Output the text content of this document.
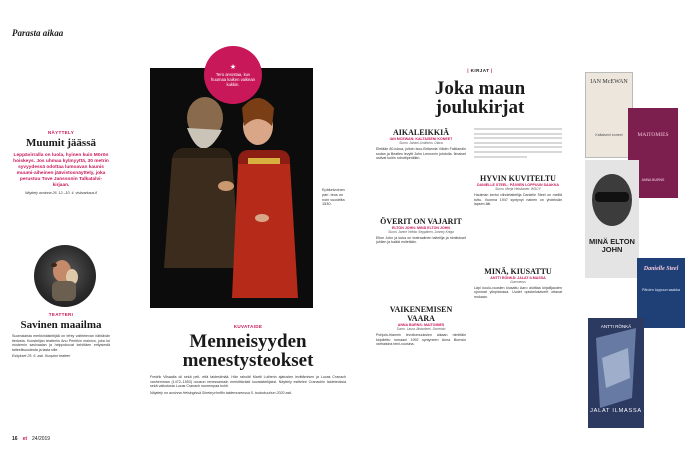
Parasta aikaa
NÄYTTELY
Muumit jäässä
Leppävirralla on luola, hyinen kuin Mörön hoiskeys. Jos uhmaa kylmyyttä, 30 metrin syvyydessä odottaa lumoavan kaunis muumi-aiheinen jäävistosnäyttely, joka perustuu Tove Janssonin Talkatalvi-kirjaan.
Näyttely avoinna 26. 12.–10. 4. visitvarkaus.fi
TEATTERI
Savinen maailma
Suomalaista merkkinäistelijää on tehty vaihtelevan nähtävän tiedosta. Koostelijan teatteriin Anu Pentikin mainion, joka toi modernin savivaalan ja helppokuvat kehittäen erityisestä taiteellisuudesta ja lasta sille.
Esitykset 25. 6. asti. Kuopion teatteri
★
Tero arvostaa, kuv huumaa kaiken vaikean kukkin.
Epäkelvoinen pari -teos on noin vuodelta 1530.
KUVATAIDE
Menneisyyden
menestysteokset
Fredrik Vilsaalla oli sekä peli- että taidesilmää. Hän rahoitti Martti Lutherin ajatusten levittämisen ja Lucas Cranach vanhemman (1472–1553) nousun renessanssin merkittävästi kuvataiteilijaksi. Näyttely esittelee Cranachin taideteoksia sekä vaikutusta Lucas Cranach nuorempaa kohti.
Näyttely on avoinna Helsingissä Sinebrychoffin taidemuseossa 5. toukokuuhun 2020 asti.
16 et 24/2019
| KIRJAT |
Joka maun
joulukirjat
AIKALEIKKIÄ
IAN MCEWAN: KALTAISENI KONEET
Suom. Juhani Lindholm. Otava
Eletään 80-lukua, jolloin isoo-Britannia Väkiin Falklandin sodan ja Beatles levytti John Lennonin johdolla. Ilmaiset ostivat koitin robottiperäikin.
ÖVERIT ON VAJARIT
ELTON JOHN: MINÄ ELTON JOHN
Suom. Jonne Velkko Seppänen, Johnny Kniga
Elton John ja kuka on teatraalinen taiteilija ja nimitukset juhlien ja kaikki esitetään.
VAIKENEMISEN VAARA
ANNA BURNS: MAITOMIES
Suom. Laura Jänisniemi. Docendo
Pohjois-Irlannin levottomuuksien aikaan nimittäin kirjoitettu romaani 1992 syntyneen Anna Burnsin varhaisina teini-vuosina.
HYVIN KUVITELTU
DANIELLE STEEL: PÄIVIEN LOPPUUN SAAKKA
Suom. Merja Heiskanen. WSOY
Haulman kertoi viihdetaiteilija Danielle Steel on meillä tuttu. Vuonna 1947 syntynyt nainen on yhdeksän lapsen äiti.
MINÄ, KIUSATTU
ANTTI RÖNKÄ: JALAT ILMASSA
Gummerus
Läpi koulu-vuosien kiusattu Aaro aloittaa kirjailijauden ujonmat yllopistossa. Uudet opiskelukaverit ottavat mukaan.
IAN McEWAN
Kaltaiseni koneet	MAITOMIES
ANNA BURNS
MINÄ ELTON JOHN
Danielle Steel
Päivien loppuun saakka
ANTTI RÖNKÄ
JALAT ILMASSA
